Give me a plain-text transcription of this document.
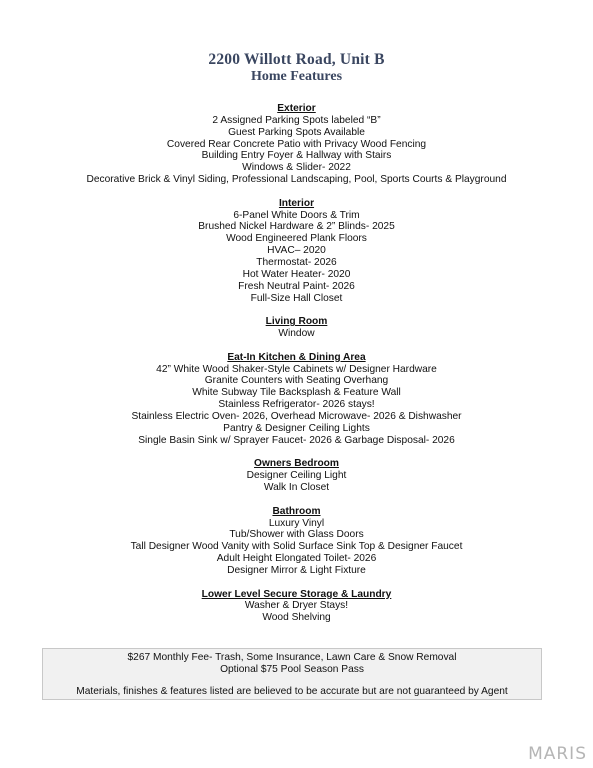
2200 Willott Road, Unit B
Home Features
Exterior
2 Assigned Parking Spots labeled “B”
Guest Parking Spots Available
Covered Rear Concrete Patio with Privacy Wood Fencing
Building Entry Foyer & Hallway with Stairs
Windows & Slider- 2022
Decorative Brick & Vinyl Siding, Professional Landscaping, Pool, Sports Courts & Playground
Interior
6-Panel White Doors & Trim
Brushed Nickel Hardware & 2” Blinds- 2025
Wood Engineered Plank Floors
HVAC– 2020
Thermostat- 2026
Hot Water Heater- 2020
Fresh Neutral Paint- 2026
Full-Size Hall Closet
Living Room
Window
Eat-In Kitchen & Dining Area
42” White Wood Shaker-Style Cabinets w/ Designer Hardware
Granite Counters with Seating Overhang
White Subway Tile Backsplash & Feature Wall
Stainless Refrigerator- 2026 stays!
Stainless Electric Oven- 2026, Overhead Microwave- 2026 & Dishwasher
Pantry & Designer Ceiling Lights
Single Basin Sink w/ Sprayer Faucet- 2026 & Garbage Disposal- 2026
Owners Bedroom
Designer Ceiling Light
Walk In Closet
Bathroom
Luxury Vinyl
Tub/Shower with Glass Doors
Tall Designer Wood Vanity with Solid Surface Sink Top & Designer Faucet
Adult Height Elongated Toilet- 2026
Designer Mirror & Light Fixture
Lower Level Secure Storage & Laundry
Washer & Dryer Stays!
Wood Shelving
$267 Monthly Fee- Trash, Some Insurance, Lawn Care & Snow Removal
Optional $75 Pool Season Pass
Materials, finishes & features listed are believed to be accurate but are not guaranteed by Agent
MARIS
